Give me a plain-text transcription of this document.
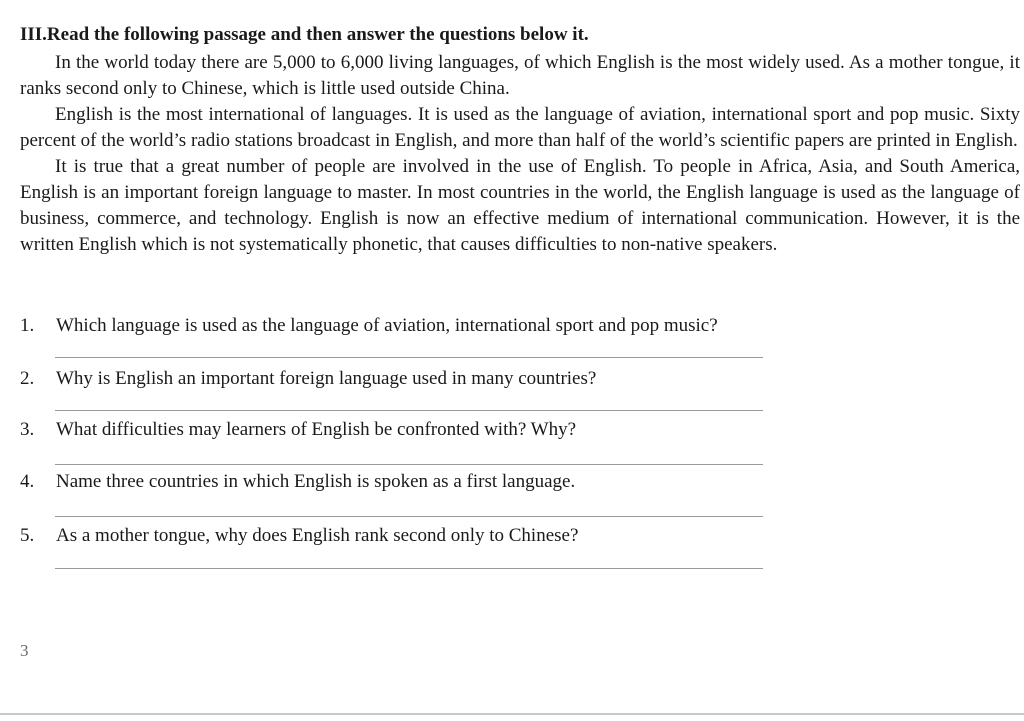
III.Read the following passage and then answer the questions below it.

In the world today there are 5,000 to 6,000 living languages, of which English is the most widely used. As a mother tongue, it ranks second only to Chinese, which is little used outside China.

English is the most international of languages. It is used as the language of aviation, international sport and pop music. Sixty percent of the world’s radio stations broadcast in English, and more than half of the world’s scientific papers are printed in English.

It is true that a great number of people are involved in the use of English. To people in Africa, Asia, and South America, English is an important foreign language to master. In most countries in the world, the English language is used as the language of business, commerce, and technology. English is now an effective medium of international communication. However, it is the written English which is not systematically phonetic, that causes difficulties to non-native speakers.

1. Which language is used as the language of aviation, international sport and pop music?
2. Why is English an important foreign language used in many countries?
3. What difficulties may learners of English be confronted with? Why?
4. Name three countries in which English is spoken as a first language.
5. As a mother tongue, why does English rank second only to Chinese?
3
